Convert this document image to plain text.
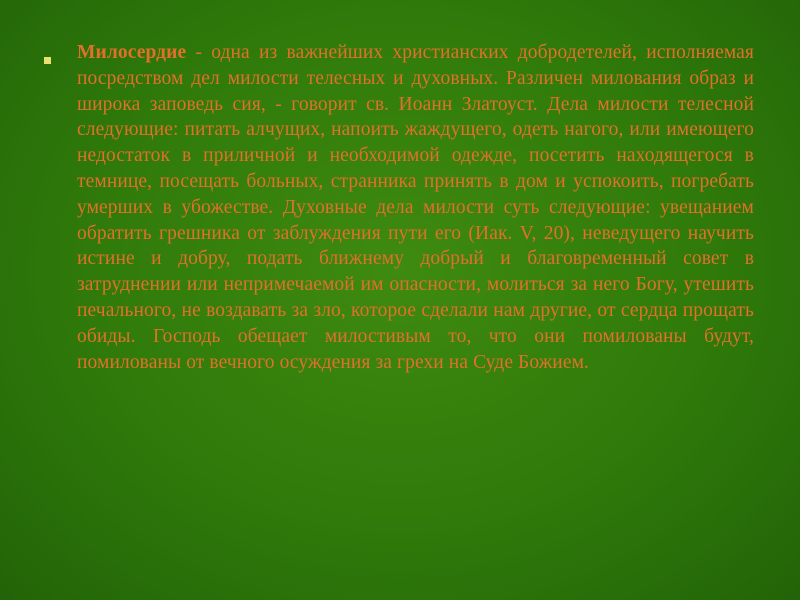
Милосердие - одна из важнейших христианских добродетелей, исполняемая посредством дел милости телесных и духовных. Различен милования образ и широка заповедь сия, - говорит св. Иоанн Златоуст. Дела милости телесной следующие: питать алчущих, напоить жаждущего, одеть нагого, или имеющего недостаток в приличной и необходимой одежде, посетить находящегося в темнице, посещать больных, странника принять в дом и успокоить, погребать умерших в убожестве. Духовные дела милости суть следующие: увещанием обратить грешника от заблуждения пути его (Иак. V, 20), неведущего научить истине и добру, подать ближнему добрый и благовременный совет в затруднении или непримечаемой им опасности, молиться за него Богу, утешить печального, не воздавать за зло, которое сделали нам другие, от сердца прощать обиды. Господь обещает милостивым то, что они помилованы будут, помилованы от вечного осуждения за грехи на Суде Божием.
